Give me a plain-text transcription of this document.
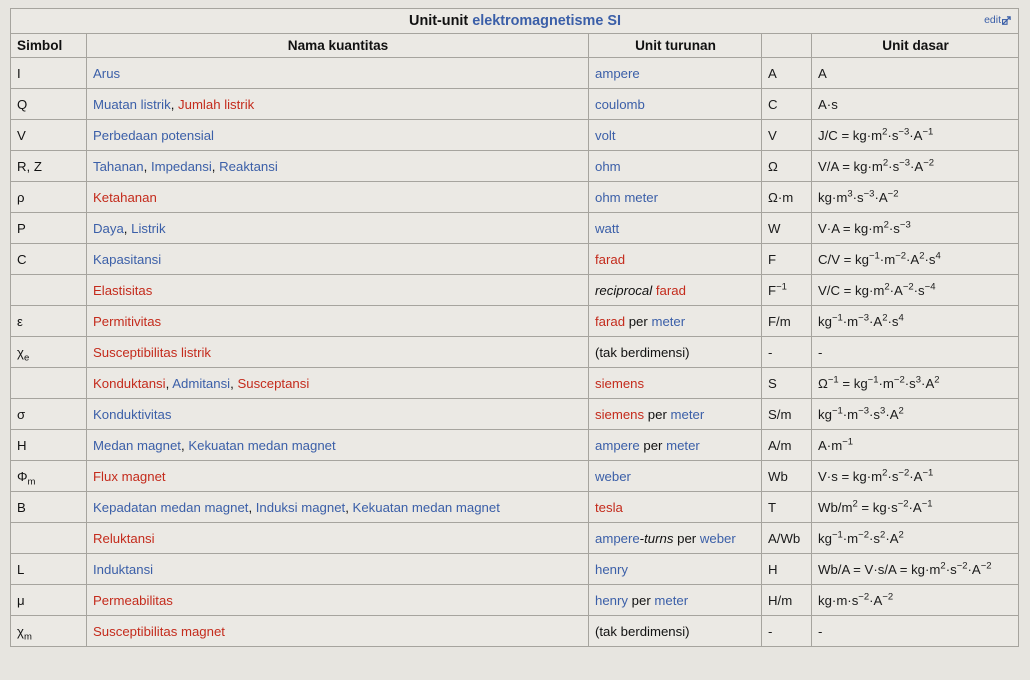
Unit-unit elektromagnetisme SI edit				

Simbol	Nama kuantitas	Unit turunan		Unit dasar
I	Arus	ampere	A	A
Q	Muatan listrik, Jumlah listrik	coulomb	C	A·s
V	Perbedaan potensial	volt	V	$J/C = kg\cdot m^2\cdot s^{-3}\cdot A^{-1}$
R, Z	Tahanan, Impedansi, Reaktansi	ohm	Ω	$V/A = kg\cdot m^2\cdot s^{-3}\cdot A^{-2}$
ρ	Ketahanan	ohm meter	Ω·m	$kg\cdot m^3\cdot s^{-3}\cdot A^{-2}$
P	Daya, Listrik	watt	W	$V\cdot A = kg\cdot m^2\cdot s^{-3}$
C	Kapasitansi	farad	F	$C/V = kg^{-1}\cdot m^{-2}\cdot A^2\cdot s^4$
	Elastisitas	reciprocal farad	$F^{-1}$	$V/C = kg\cdot m^2\cdot A^{-2}\cdot s^{-4}$
ε	Permitivitas	farad per meter	F/m	$kg^{-1}\cdot m^{-3}\cdot A^2\cdot s^4$
$\chi_e$	Susceptibilitas listrik	(tak berdimensi)	-	-
	Konduktansi, Admitansi, Susceptansi	siemens	S	$\Omega^{-1} = kg^{-1}\cdot m^{-2}\cdot s^3\cdot A^2$
σ	Konduktivitas	siemens per meter	S/m	$kg^{-1}\cdot m^{-3}\cdot s^3\cdot A^2$
H	Medan magnet, Kekuatan medan magnet	ampere per meter	A/m	$A\cdot m^{-1}$
$\Phi_m$	Flux magnet	weber	Wb	$V\cdot s = kg\cdot m^2\cdot s^{-2}\cdot A^{-1}$
B	Kepadatan medan magnet, Induksi magnet, Kekuatan medan magnet	tesla	T	$Wb/m^2 = kg\cdot s^{-2}\cdot A^{-1}$
	Reluktansi	ampere-turns per weber	A/Wb	$kg^{-1}\cdot m^{-2}\cdot s^2\cdot A^2$
L	Induktansi	henry	H	$Wb/A = V\cdot s/A = kg\cdot m^2\cdot s^{-2}\cdot A^{-2}$
μ	Permeabilitas	henry per meter	H/m	$kg\cdot m\cdot s^{-2}\cdot A^{-2}$
$\chi_m$	Susceptibilitas magnet	(tak berdimensi)	-	-
